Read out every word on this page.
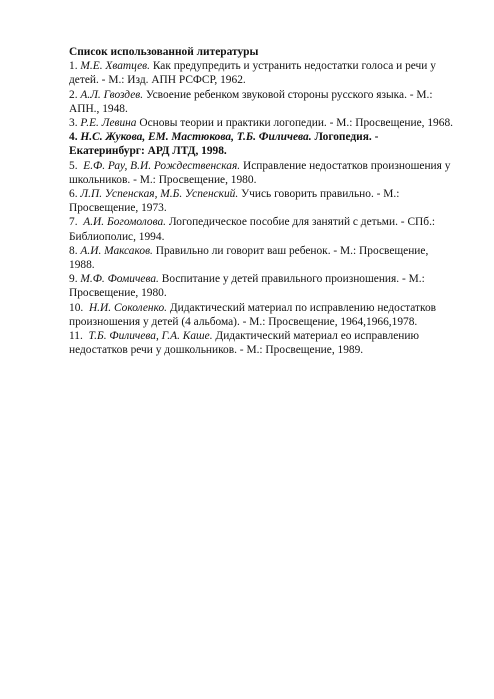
Список использованной литературы

1. М.Е. Хватцев. Как предупредить и устранить недостатки голоса и речи у детей. - М.: Изд. АПН РСФСР, 1962.

2. А.Л. Гвоздев. Усвоение ребенком звуковой стороны русского языка. - М.: АПН., 1948.

3. Р.Е. Левина Основы теории и практики логопедии. - М.: Просвещение, 1968.

4. Н.С. Жукова, ЕМ. Мастюкова, Т.Б. Филичева. Логопедия. - Екатеринбург: АРД ЛТД, 1998.

5. Е.Ф. Рау, В.И. Рождественская. Исправление недостатков произношения у школьников. - М.: Просвещение, 1980.

6. Л.П. Успенская, М.Б. Успенский. Учись говорить правильно. - М.: Просвещение, 1973.

7. А.И. Богомолова. Логопедическое пособие для занятий с детьми. - СПб.: Библиополис, 1994.

8. А.И. Максаков. Правильно ли говорит ваш ребенок. - М.: Просвещение, 1988.

9. М.Ф. Фомичева. Воспитание у детей правильного произношения. - М.: Просвещение, 1980.

10. Н.И. Соколенко. Дидактический материал по исправлению недостатков произношения у детей (4 альбома). - М.: Просвещение, 1964,1966,1978.

11. Т.Б. Филичева, Г.А. Каше. Дидактический материал ео исправлению недостатков речи у дошкольников. - М.: Просвещение, 1989.
